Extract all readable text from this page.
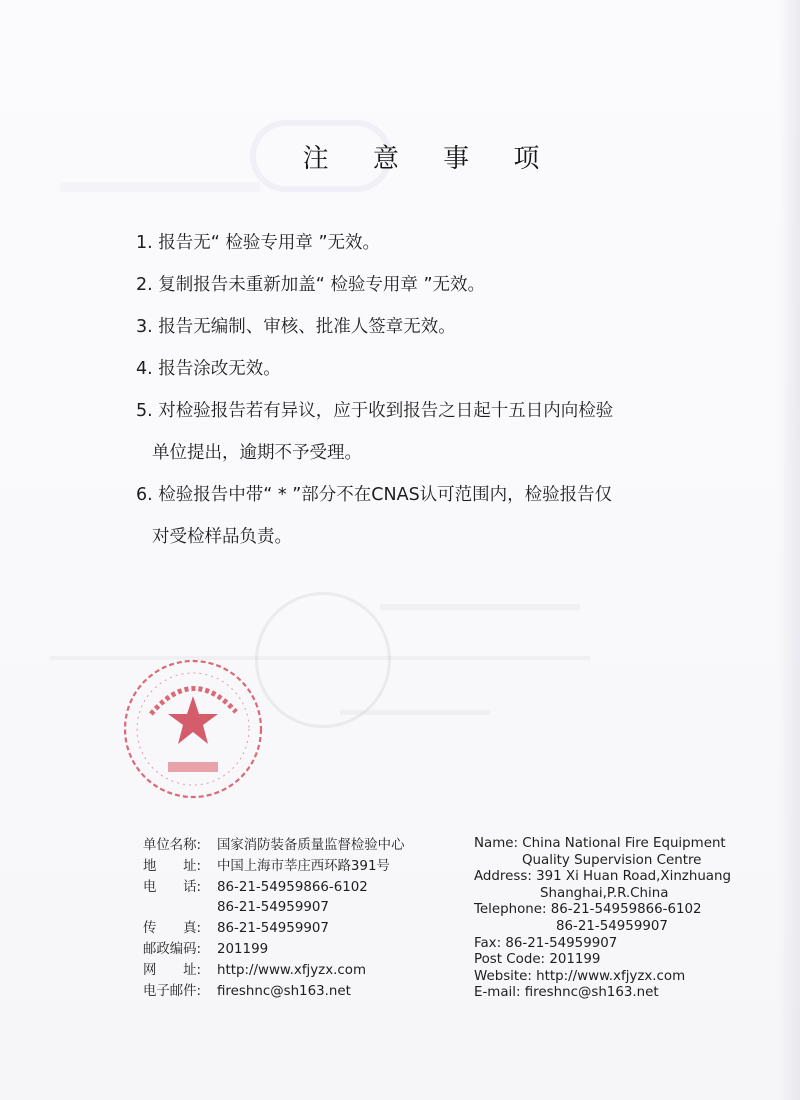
注 意 事 项
1. 报告无“ 检验专用章 ”无效。
2. 复制报告未重新加盖“ 检验专用章 ”无效。
3. 报告无编制、审核、批准人签章无效。
4. 报告涂改无效。
5. 对检验报告若有异议，应于收到报告之日起十五日内向检验
单位提出，逾期不予受理。
6. 检验报告中带“ * ”部分不在CNAS认可范围内，检验报告仅
对受检样品负责。
单位名称:	国家消防装备质量监督检验中心
地　　址:	中国上海市莘庄西环路391号
电　　话:	86-21-54959866-6102
86-21-54959907
传　　真:	86-21-54959907
邮政编码:	201199
网　　址:	http://www.xfjyzx.com
电子邮件:	fireshnc@sh163.net
Name: China National Fire Equipment
Quality Supervision Centre
Address: 391 Xi Huan Road,Xinzhuang
Shanghai,P.R.China
Telephone: 86-21-54959866-6102
86-21-54959907
Fax: 86-21-54959907
Post Code: 201199
Website: http://www.xfjyzx.com
E-mail: fireshnc@sh163.net
